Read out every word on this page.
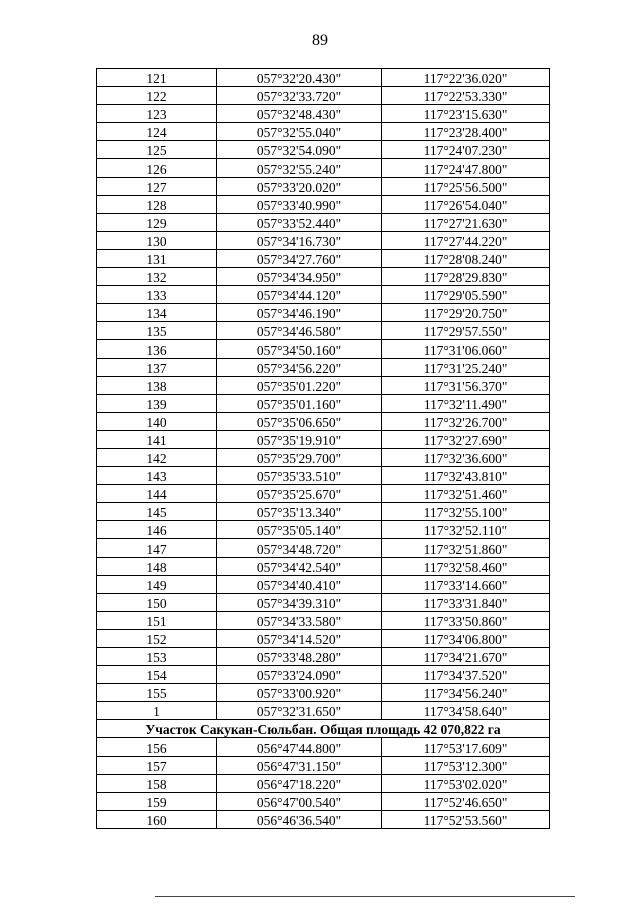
89
121	057°32'20.430"	117°22'36.020"
122	057°32'33.720"	117°22'53.330"
123	057°32'48.430"	117°23'15.630"
124	057°32'55.040"	117°23'28.400"
125	057°32'54.090"	117°24'07.230"
126	057°32'55.240"	117°24'47.800"
127	057°33'20.020"	117°25'56.500"
128	057°33'40.990"	117°26'54.040"
129	057°33'52.440"	117°27'21.630"
130	057°34'16.730"	117°27'44.220"
131	057°34'27.760"	117°28'08.240"
132	057°34'34.950"	117°28'29.830"
133	057°34'44.120"	117°29'05.590"
134	057°34'46.190"	117°29'20.750"
135	057°34'46.580"	117°29'57.550"
136	057°34'50.160"	117°31'06.060"
137	057°34'56.220"	117°31'25.240"
138	057°35'01.220"	117°31'56.370"
139	057°35'01.160"	117°32'11.490"
140	057°35'06.650"	117°32'26.700"
141	057°35'19.910"	117°32'27.690"
142	057°35'29.700"	117°32'36.600"
143	057°35'33.510"	117°32'43.810"
144	057°35'25.670"	117°32'51.460"
145	057°35'13.340"	117°32'55.100"
146	057°35'05.140"	117°32'52.110"
147	057°34'48.720"	117°32'51.860"
148	057°34'42.540"	117°32'58.460"
149	057°34'40.410"	117°33'14.660"
150	057°34'39.310"	117°33'31.840"
151	057°34'33.580"	117°33'50.860"
152	057°34'14.520"	117°34'06.800"
153	057°33'48.280"	117°34'21.670"
154	057°33'24.090"	117°34'37.520"
155	057°33'00.920"	117°34'56.240"
1	057°32'31.650"	117°34'58.640"
Участок Сакукан-Сюльбан. Общая площадь 42 070,822 га		
156	056°47'44.800"	117°53'17.609"
157	056°47'31.150"	117°53'12.300"
158	056°47'18.220"	117°53'02.020"
159	056°47'00.540"	117°52'46.650"
160	056°46'36.540"	117°52'53.560"
